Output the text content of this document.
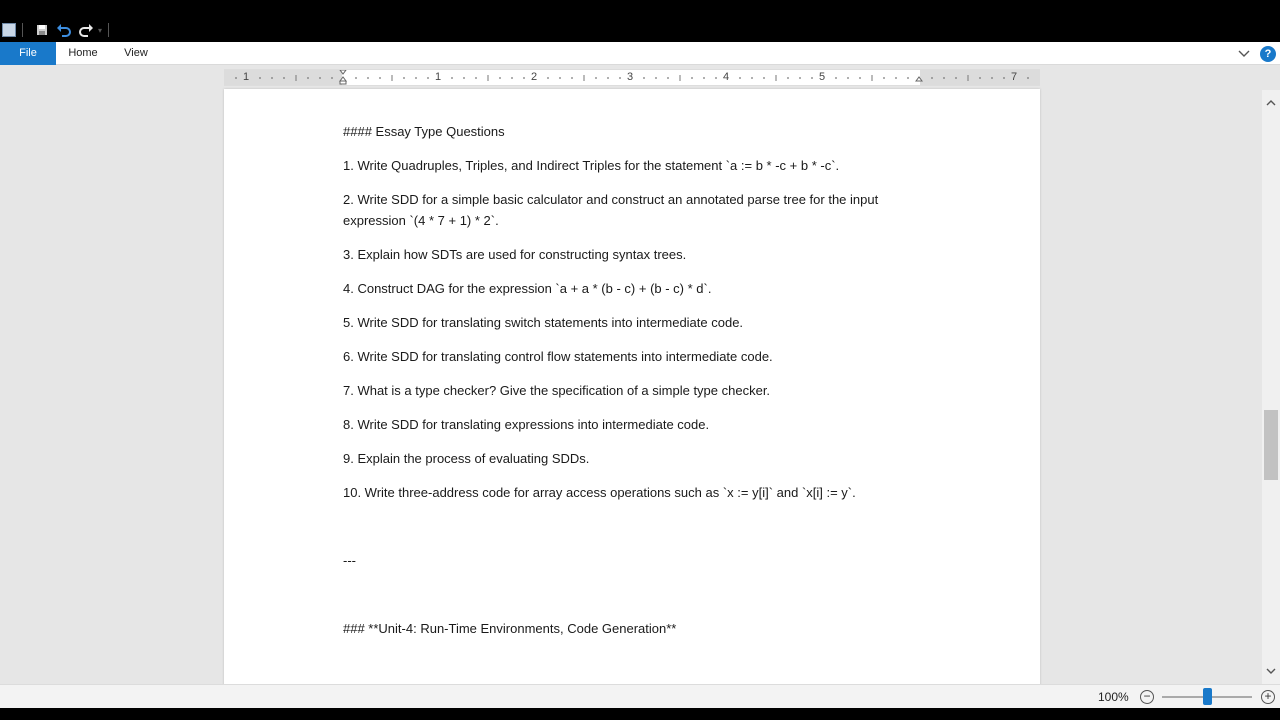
▾
File	Home	View	?
1	1	2	3	4	5	7
#### Essay Type Questions
1. Write Quadruples, Triples, and Indirect Triples for the statement `a := b * -c + b * -c`.
2. Write SDD for a simple basic calculator and construct an annotated parse tree for the input expression `(4 * 7 + 1) * 2`.
3. Explain how SDTs are used for constructing syntax trees.
4. Construct DAG for the expression `a + a * (b - c) + (b - c) * d`.
5. Write SDD for translating switch statements into intermediate code.
6. Write SDD for translating control flow statements into intermediate code.
7. What is a type checker? Give the specification of a simple type checker.
8. Write SDD for translating expressions into intermediate code.
9. Explain the process of evaluating SDDs.
10. Write three-address code for array access operations such as `x := y[i]` and `x[i] := y`.
---
### **Unit-4: Run-Time Environments, Code Generation**
100% −	+
